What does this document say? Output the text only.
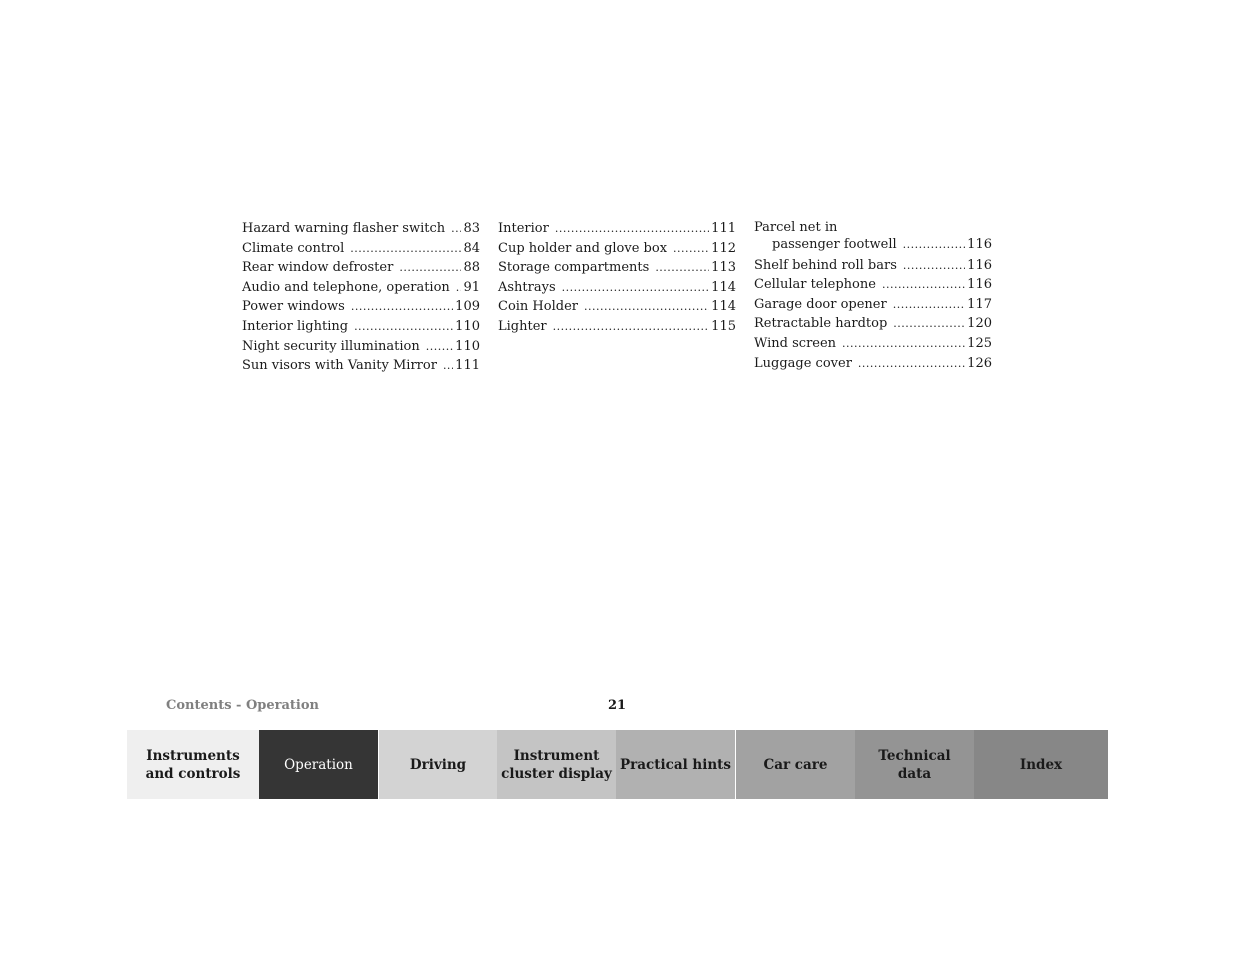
Hazard warning flasher switch ..... 83
Climate control .....	84
Rear window defroster .....	88
Audio and telephone, operation ..... 91
Power windows .....	109
Interior lighting .....	110
Night security illumination .....	110
Sun visors with Vanity Mirror ..... 111
Interior .....	111
Cup holder and glove box .....	112
Storage compartments .....	113
Ashtrays .....	114
Coin Holder .....	114
Lighter .....	115
Parcel net in
passenger footwell .....	116
Shelf behind roll bars .....	116
Cellular telephone .....	116
Garage door opener .....	117
Retractable hardtop .....	120
Wind screen .....	125
Luggage cover .....	126
Contents - Operation	21
Instruments
and controls
Operation	Driving
Instrument
cluster display
Practical hints Car care
Technical
data
Index
